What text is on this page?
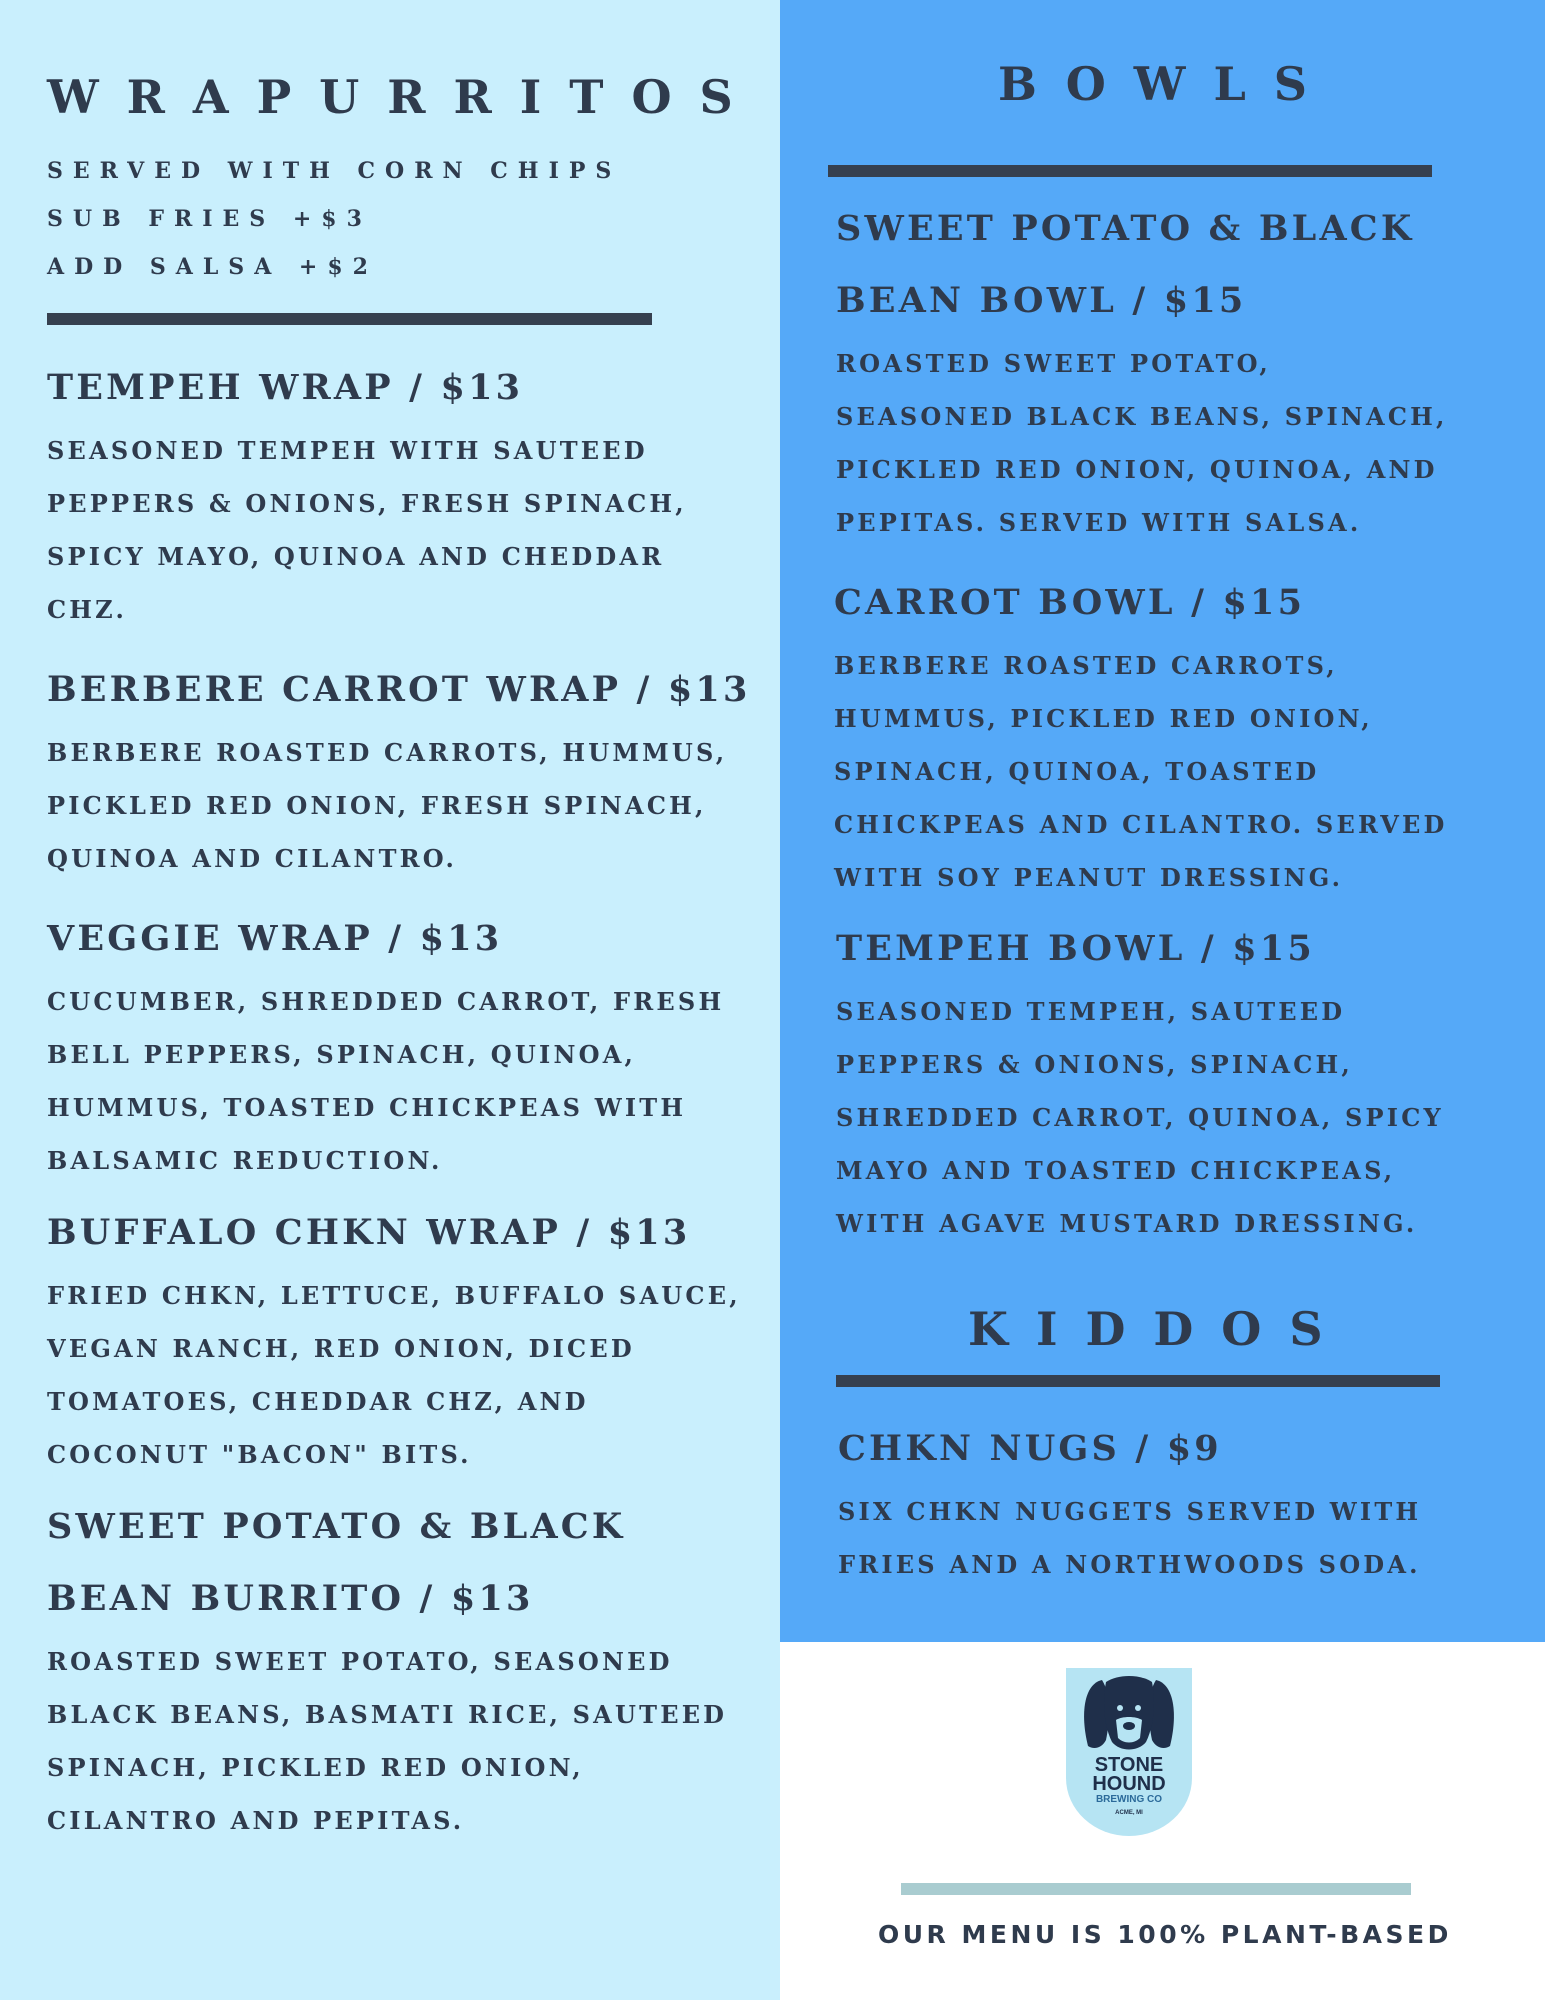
WRAPURRITOS

SERVED WITH CORN CHIPS

SUB FRIES +$3

ADD SALSA +$2

TEMPEH WRAP / $13

SEASONED TEMPEH WITH SAUTEED
PEPPERS & ONIONS, FRESH SPINACH,
SPICY MAYO, QUINOA AND CHEDDAR
CHZ.

BERBERE CARROT WRAP / $13

BERBERE ROASTED CARROTS, HUMMUS,
PICKLED RED ONION, FRESH SPINACH,
QUINOA AND CILANTRO.

VEGGIE WRAP / $13

CUCUMBER, SHREDDED CARROT, FRESH
BELL PEPPERS, SPINACH, QUINOA,
HUMMUS, TOASTED CHICKPEAS WITH
BALSAMIC REDUCTION.

BUFFALO CHKN WRAP / $13

FRIED CHKN, LETTUCE, BUFFALO SAUCE,
VEGAN RANCH, RED ONION, DICED
TOMATOES, CHEDDAR CHZ, AND
COCONUT "BACON" BITS.

SWEET POTATO & BLACK
BEAN BURRITO / $13

ROASTED SWEET POTATO, SEASONED
BLACK BEANS, BASMATI RICE, SAUTEED
SPINACH, PICKLED RED ONION,
CILANTRO AND PEPITAS.

BOWLS

SWEET POTATO & BLACK
BEAN BOWL / $15

ROASTED SWEET POTATO,
SEASONED BLACK BEANS, SPINACH,
PICKLED RED ONION, QUINOA, AND
PEPITAS. SERVED WITH SALSA.

CARROT BOWL / $15

BERBERE ROASTED CARROTS,
HUMMUS, PICKLED RED ONION,
SPINACH, QUINOA, TOASTED
CHICKPEAS AND CILANTRO. SERVED
WITH SOY PEANUT DRESSING.

TEMPEH BOWL / $15

SEASONED TEMPEH, SAUTEED
PEPPERS & ONIONS, SPINACH,
SHREDDED CARROT, QUINOA, SPICY
MAYO AND TOASTED CHICKPEAS,
WITH AGAVE MUSTARD DRESSING.

KIDDOS

CHKN NUGS / $9

SIX CHKN NUGGETS SERVED WITH
FRIES AND A NORTHWOODS SODA.

STONE
HOUND
BREWING CO
ACME, MI
OUR MENU IS 100% PLANT-BASED
